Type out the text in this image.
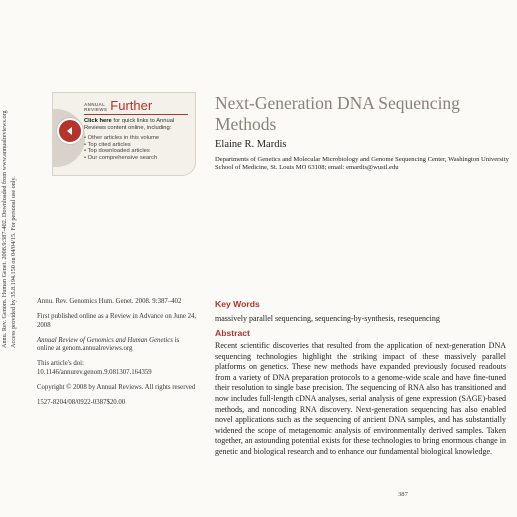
Annu. Rev. Genom. Human Genet. 2008.9:387-402. Downloaded from www.annualreviews.org Access provided by 35.8.194.150 on 04/04/15. For personal use only.
ANNUAL
REVIEWS Further
Click here for quick links to Annual Reviews content online, including:
• Other articles in this volume
• Top cited articles
• Top downloaded articles
• Our comprehensive search
Next-Generation DNA Sequencing Methods
Elaine R. Mardis
Departments of Genetics and Molecular Microbiology and Genome Sequencing Center, Washington University School of Medicine, St. Louis MO 63108; email: emardis@wustl.edu

Annu. Rev. Genomics Hum. Genet. 2008. 9:387–402

First published online as a Review in Advance on June 24, 2008

Annual Review of Genomics and Human Genetics is online at genom.annualreviews.org

This article's doi: 10.1146/annurev.genom.9.081307.164359

Copyright © 2008 by Annual Reviews. All rights reserved

1527-8204/08/0922-0387$20.00

Key Words
massively parallel sequencing, sequencing-by-synthesis, resequencing
Abstract
Recent scientific discoveries that resulted from the application of next-generation DNA sequencing technologies highlight the striking impact of these massively parallel platforms on genetics. These new methods have expanded previously focused readouts from a variety of DNA preparation protocols to a genome-wide scale and have fine-tuned their resolution to single base precision. The sequencing of RNA also has transitioned and now includes full-length cDNA analyses, serial analysis of gene expression (SAGE)-based methods, and noncoding RNA discovery. Next-generation sequencing has also enabled novel applications such as the sequencing of ancient DNA samples, and has substantially widened the scope of metagenomic analysis of environmentally derived samples. Taken together, an astounding potential exists for these technologies to bring enormous change in genetic and biological research and to enhance our fundamental biological knowledge.
387
